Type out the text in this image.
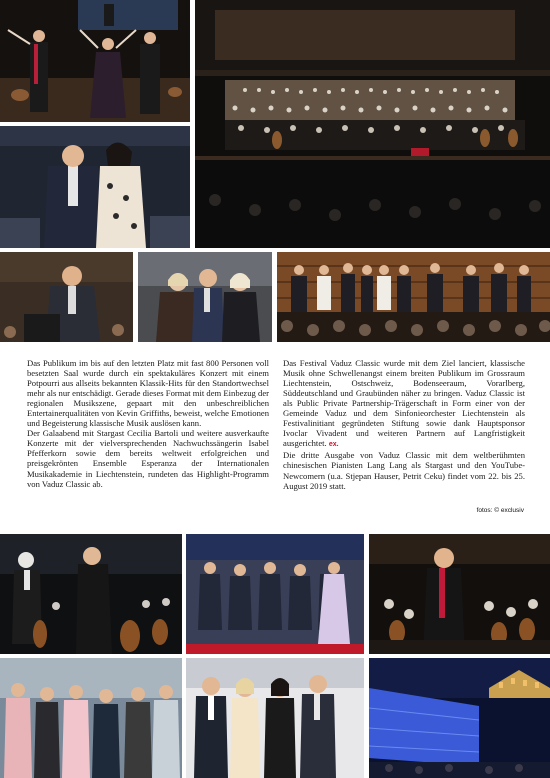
Das Publikum im bis auf den letzten Platz mit fast 800 Personen voll besetzten Saal wurde durch ein spektakuläres Konzert mit einem Potpourri aus allseits bekannten Klassik-Hits für den Standortwechsel mehr als nur entschädigt. Gerade dieses Format mit dem Einbezug der regionalen Musikszene, gepaart mit den unbeschreiblichen Entertainerqualitäten von Kevin Griffiths, beweist, welche Emotionen und Begeisterung klassische Musik auslösen kann.

Der Galaabend mit Stargast Cecilia Bartoli und weitere ausverkaufte Konzerte mit der vielversprechenden Nachwuchssängerin Isabel Pfefferkorn sowie dem bereits weltweit erfolgreichen und preisgekrönten Ensemble Esperanza der Internationalen Musikakademie in Liechtenstein, rundeten das Highlight-Programm von Vaduz Classic ab.

Das Festival Vaduz Classic wurde mit dem Ziel lanciert, klassische Musik ohne Schwellenangst einem breiten Publikum im Grossraum Liechtenstein, Ostschweiz, Bodenseeraum, Vorarlberg, Süddeutschland und Graubünden näher zu bringen. Vaduz Classic ist als Public Private Partnership-Trägerschaft in Form einer von der Gemeinde Vaduz und dem Sinfonieorchester Liechtenstein als Festivalinitiant gegründeten Stiftung sowie dank Hauptsponsor Ivoclar Vivadent und weiteren Partnern auf Langfristigkeit ausgerichtet. ex.

Die dritte Ausgabe von Vaduz Classic mit dem weltberühmten chinesischen Pianisten Lang Lang als Stargast und den YouTube-Newcomern (u.a. Stjepan Hauser, Petrit Ceku) findet vom 22. bis 25. August 2019 statt.

fotos: © exclusiv
